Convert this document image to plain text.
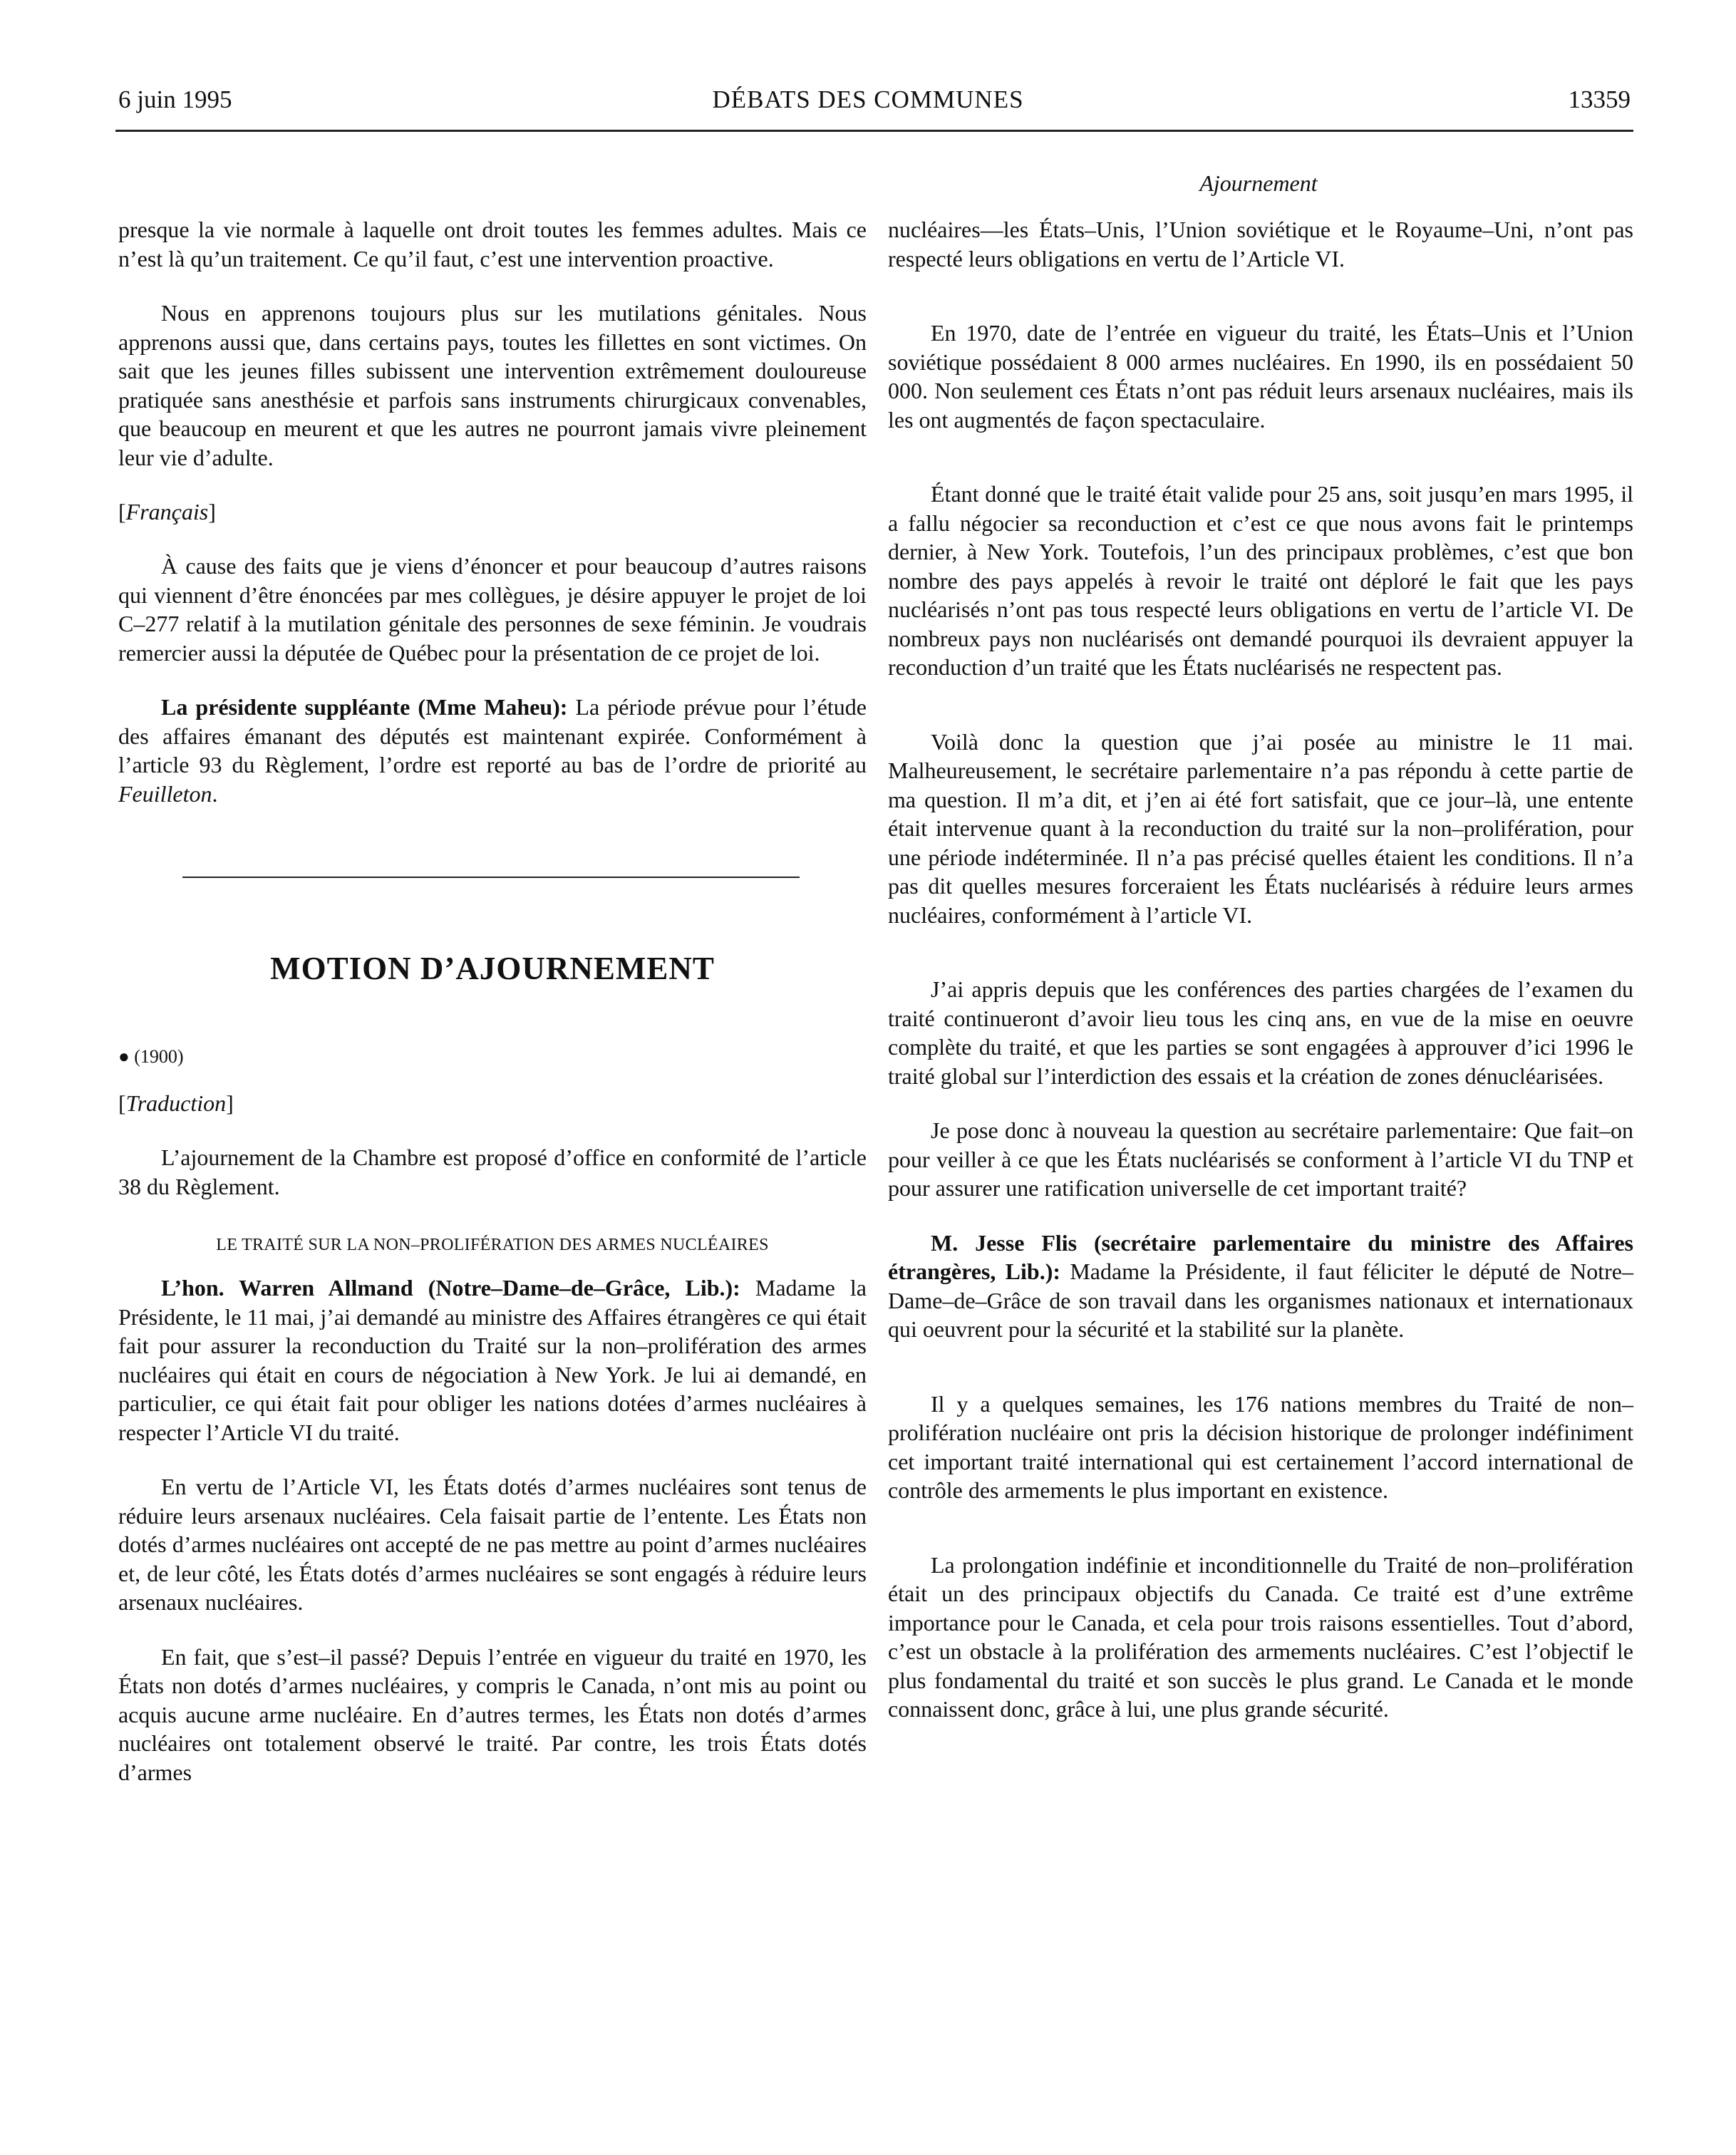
6 juin 1995	DÉBATS DES COMMUNES	13359
Ajournement

presque la vie normale à laquelle ont droit toutes les femmes adultes. Mais ce n’est là qu’un traitement. Ce qu’il faut, c’est une intervention proactive.

Nous en apprenons toujours plus sur les mutilations génitales. Nous apprenons aussi que, dans certains pays, toutes les fillettes en sont victimes. On sait que les jeunes filles subissent une intervention extrêmement douloureuse pratiquée sans anesthésie et parfois sans instruments chirurgicaux convenables, que beaucoup en meurent et que les autres ne pourront jamais vivre pleinement leur vie d’adulte.

[Français]

À cause des faits que je viens d’énoncer et pour beaucoup d’autres raisons qui viennent d’être énoncées par mes collègues, je désire appuyer le projet de loi C–277 relatif à la mutilation génitale des personnes de sexe féminin. Je voudrais remercier aussi la députée de Québec pour la présentation de ce projet de loi.

La présidente suppléante (Mme Maheu): La période prévue pour l’étude des affaires émanant des députés est maintenant expirée. Conformément à l’article 93 du Règlement, l’ordre est reporté au bas de l’ordre de priorité au Feuilleton.

MOTION D’AJOURNEMENT
● (1900)

[Traduction]

L’ajournement de la Chambre est proposé d’office en conformité de l’article 38 du Règlement.

LE TRAITÉ SUR LA NON–PROLIFÉRATION DES ARMES NUCLÉAIRES

L’hon. Warren Allmand (Notre–Dame–de–Grâce, Lib.): Madame la Présidente, le 11 mai, j’ai demandé au ministre des Affaires étrangères ce qui était fait pour assurer la reconduction du Traité sur la non–prolifération des armes nucléaires qui était en cours de négociation à New York. Je lui ai demandé, en particulier, ce qui était fait pour obliger les nations dotées d’armes nucléaires à respecter l’Article VI du traité.

En vertu de l’Article VI, les États dotés d’armes nucléaires sont tenus de réduire leurs arsenaux nucléaires. Cela faisait partie de l’entente. Les États non dotés d’armes nucléaires ont accepté de ne pas mettre au point d’armes nucléaires et, de leur côté, les États dotés d’armes nucléaires se sont engagés à réduire leurs arsenaux nucléaires.

En fait, que s’est–il passé? Depuis l’entrée en vigueur du traité en 1970, les États non dotés d’armes nucléaires, y compris le Canada, n’ont mis au point ou acquis aucune arme nucléaire. En d’autres termes, les États non dotés d’armes nucléaires ont totalement observé le traité. Par contre, les trois États dotés d’armes

nucléaires—les États–Unis, l’Union soviétique et le Royaume–Uni, n’ont pas respecté leurs obligations en vertu de l’Article VI.

En 1970, date de l’entrée en vigueur du traité, les États–Unis et l’Union soviétique possédaient 8 000 armes nucléaires. En 1990, ils en possédaient 50 000. Non seulement ces États n’ont pas réduit leurs arsenaux nucléaires, mais ils les ont augmentés de façon spectaculaire.

Étant donné que le traité était valide pour 25 ans, soit jusqu’en mars 1995, il a fallu négocier sa reconduction et c’est ce que nous avons fait le printemps dernier, à New York. Toutefois, l’un des principaux problèmes, c’est que bon nombre des pays appelés à revoir le traité ont déploré le fait que les pays nucléarisés n’ont pas tous respecté leurs obligations en vertu de l’article VI. De nombreux pays non nucléarisés ont demandé pourquoi ils devraient appuyer la reconduction d’un traité que les États nucléarisés ne respectent pas.

Voilà donc la question que j’ai posée au ministre le 11 mai. Malheureusement, le secrétaire parlementaire n’a pas répondu à cette partie de ma question. Il m’a dit, et j’en ai été fort satisfait, que ce jour–là, une entente était intervenue quant à la reconduction du traité sur la non–prolifération, pour une période indéterminée. Il n’a pas précisé quelles étaient les conditions. Il n’a pas dit quelles mesures forceraient les États nucléarisés à réduire leurs armes nucléaires, conformément à l’article VI.

J’ai appris depuis que les conférences des parties chargées de l’examen du traité continueront d’avoir lieu tous les cinq ans, en vue de la mise en oeuvre complète du traité, et que les parties se sont engagées à approuver d’ici 1996 le traité global sur l’interdiction des essais et la création de zones dénucléarisées.

Je pose donc à nouveau la question au secrétaire parlementaire: Que fait–on pour veiller à ce que les États nucléarisés se conforment à l’article VI du TNP et pour assurer une ratification universelle de cet important traité?

M. Jesse Flis (secrétaire parlementaire du ministre des Affaires étrangères, Lib.): Madame la Présidente, il faut féliciter le député de Notre–Dame–de–Grâce de son travail dans les organismes nationaux et internationaux qui oeuvrent pour la sécurité et la stabilité sur la planète.

Il y a quelques semaines, les 176 nations membres du Traité de non–prolifération nucléaire ont pris la décision historique de prolonger indéfiniment cet important traité international qui est certainement l’accord international de contrôle des armements le plus important en existence.

La prolongation indéfinie et inconditionnelle du Traité de non–prolifération était un des principaux objectifs du Canada. Ce traité est d’une extrême importance pour le Canada, et cela pour trois raisons essentielles. Tout d’abord, c’est un obstacle à la prolifération des armements nucléaires. C’est l’objectif le plus fondamental du traité et son succès le plus grand. Le Canada et le monde connaissent donc, grâce à lui, une plus grande sécurité.
